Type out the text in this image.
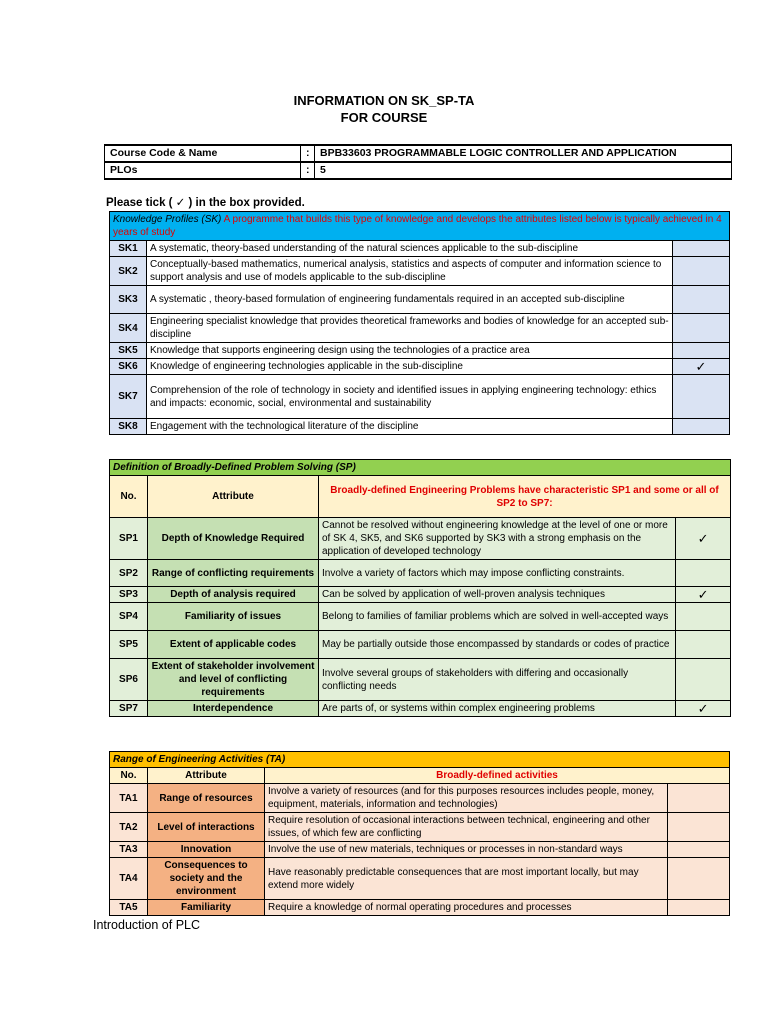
INFORMATION ON SK_SP-TA
FOR COURSE
Course Code & Name	:	BPB33603 PROGRAMMABLE LOGIC CONTROLLER AND APPLICATION
PLOs	:	5
Please tick ( ✓ ) in the box provided.
Knowledge Profiles (SK) A programme that builds this type of knowledge and develops the attributes listed below is typically achieved in 4 years of study		
SK1	A systematic, theory-based understanding of the natural sciences applicable to the sub-discipline	
SK2	Conceptually-based mathematics, numerical analysis, statistics and aspects of computer and information science to support analysis and use of models applicable to the sub-discipline	
SK3	A systematic , theory-based formulation of engineering fundamentals required in an accepted sub-discipline	
SK4	Engineering specialist knowledge that provides theoretical frameworks and bodies of knowledge for an accepted sub-discipline	
SK5	Knowledge that supports engineering design using the technologies of a practice area	
SK6	Knowledge of engineering technologies applicable in the sub-discipline	✓
SK7	Comprehension of the role of technology in society and identified issues in applying engineering technology: ethics and impacts: economic, social, environmental and sustainability	
SK8	Engagement with the technological literature of the discipline	
Definition of Broadly-Defined Problem Solving (SP)			
No.	Attribute	Broadly-defined Engineering Problems have characteristic SP1 and some or all of
SP2 to SP7:	

SP1	Depth of Knowledge Required	Cannot be resolved without engineering knowledge at the level of one or more of SK 4, SK5, and SK6 supported by SK3 with a strong emphasis on the application of developed technology	✓
SP2	Range of conflicting requirements	Involve a variety of factors which may impose conflicting constraints.	
SP3	Depth of analysis required	Can be solved by application of well-proven analysis techniques	✓
SP4	Familiarity of issues	Belong to families of familiar problems which are solved in well-accepted ways	
SP5	Extent of applicable codes	May be partially outside those encompassed by standards or codes of practice	
SP6	Extent of stakeholder involvement and level of conflicting requirements	Involve several groups of stakeholders with differing and occasionally conflicting needs	
SP7	Interdependence	Are parts of, or systems within complex engineering problems	✓
Range of Engineering Activities (TA)			
No.	Attribute	Broadly-defined activities	
TA1	Range of resources	Involve a variety of resources (and for this purposes resources includes people, money, equipment, materials, information and technologies)	
TA2	Level of interactions	Require resolution of occasional interactions between technical, engineering and other issues, of which few are conflicting	
TA3	Innovation	Involve the use of new materials, techniques or processes in non-standard ways	
TA4	Consequences to society and the environment	Have reasonably predictable consequences that are most important locally, but may extend more widely	
TA5	Familiarity	Require a knowledge of normal operating procedures and processes	
Introduction of PLC
